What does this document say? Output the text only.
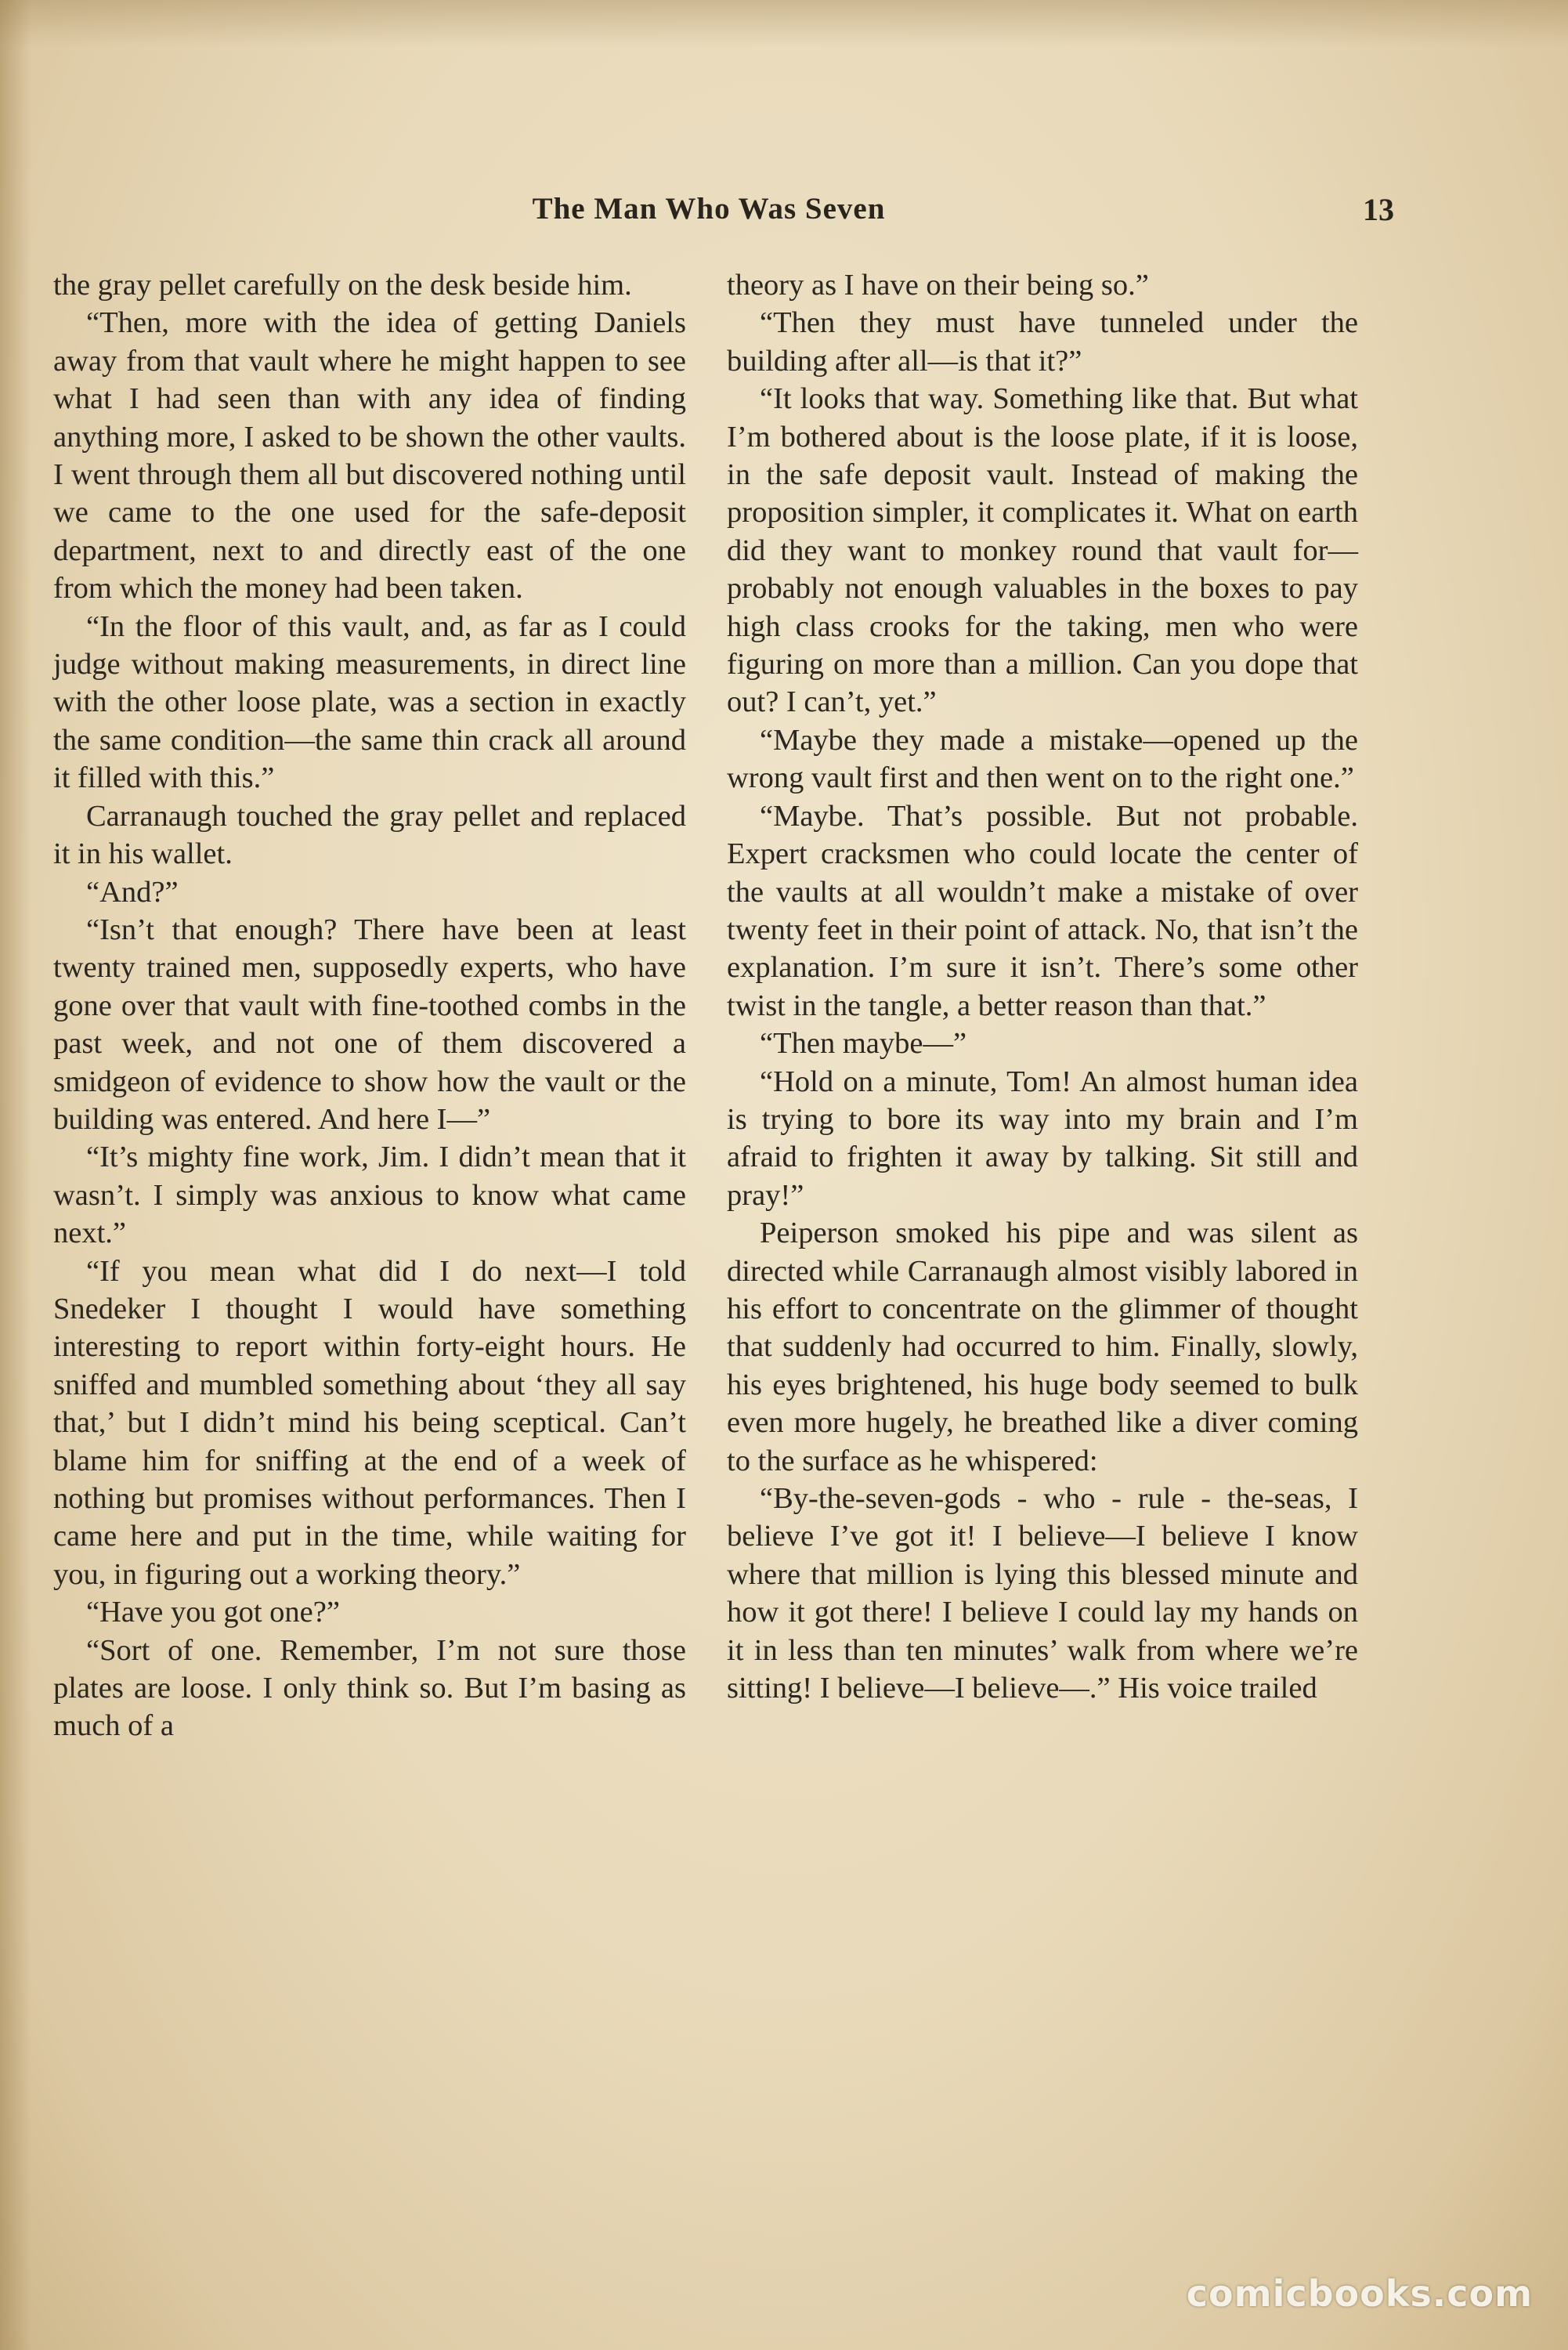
The Man Who Was Seven	13

the gray pellet carefully on the desk beside him.

“Then, more with the idea of getting Daniels away from that vault where he might happen to see what I had seen than with any idea of finding anything more, I asked to be shown the other vaults. I went through them all but discovered nothing until we came to the one used for the safe-deposit department, next to and directly east of the one from which the money had been taken.

“In the floor of this vault, and, as far as I could judge without making measurements, in direct line with the other loose plate, was a section in exactly the same condition—the same thin crack all around it filled with this.”

Carranaugh touched the gray pellet and replaced it in his wallet.

“And?”

“Isn’t that enough? There have been at least twenty trained men, supposedly experts, who have gone over that vault with fine-toothed combs in the past week, and not one of them discovered a smidgeon of evidence to show how the vault or the building was entered. And here I—”

“It’s mighty fine work, Jim. I didn’t mean that it wasn’t. I simply was anxious to know what came next.”

“If you mean what did I do next—I told Snedeker I thought I would have something interesting to report within forty-eight hours. He sniffed and mumbled something about ‘they all say that,’ but I didn’t mind his being sceptical. Can’t blame him for sniffing at the end of a week of nothing but promises without performances. Then I came here and put in the time, while waiting for you, in figuring out a working theory.”

“Have you got one?”

“Sort of one. Remember, I’m not sure those plates are loose. I only think so. But I’m basing as much of a

theory as I have on their being so.”

“Then they must have tunneled under the building after all—is that it?”

“It looks that way. Something like that. But what I’m bothered about is the loose plate, if it is loose, in the safe deposit vault. Instead of making the proposition simpler, it complicates it. What on earth did they want to monkey round that vault for—probably not enough valuables in the boxes to pay high class crooks for the taking, men who were figuring on more than a million. Can you dope that out? I can’t, yet.”

“Maybe they made a mistake—opened up the wrong vault first and then went on to the right one.”

“Maybe. That’s possible. But not probable. Expert cracksmen who could locate the center of the vaults at all wouldn’t make a mistake of over twenty feet in their point of attack. No, that isn’t the explanation. I’m sure it isn’t. There’s some other twist in the tangle, a better reason than that.”

“Then maybe—”

“Hold on a minute, Tom! An almost human idea is trying to bore its way into my brain and I’m afraid to frighten it away by talking. Sit still and pray!”

Peiperson smoked his pipe and was silent as directed while Carranaugh almost visibly labored in his effort to concentrate on the glimmer of thought that suddenly had occurred to him. Finally, slowly, his eyes brightened, his huge body seemed to bulk even more hugely, he breathed like a diver coming to the surface as he whispered:

“By-the-seven-gods - who - rule - the-seas, I believe I’ve got it! I believe—I believe I know where that million is lying this blessed minute and how it got there! I believe I could lay my hands on it in less than ten minutes’ walk from where we’re sitting! I believe—I believe—.” His voice trailed

comicbooks.com
